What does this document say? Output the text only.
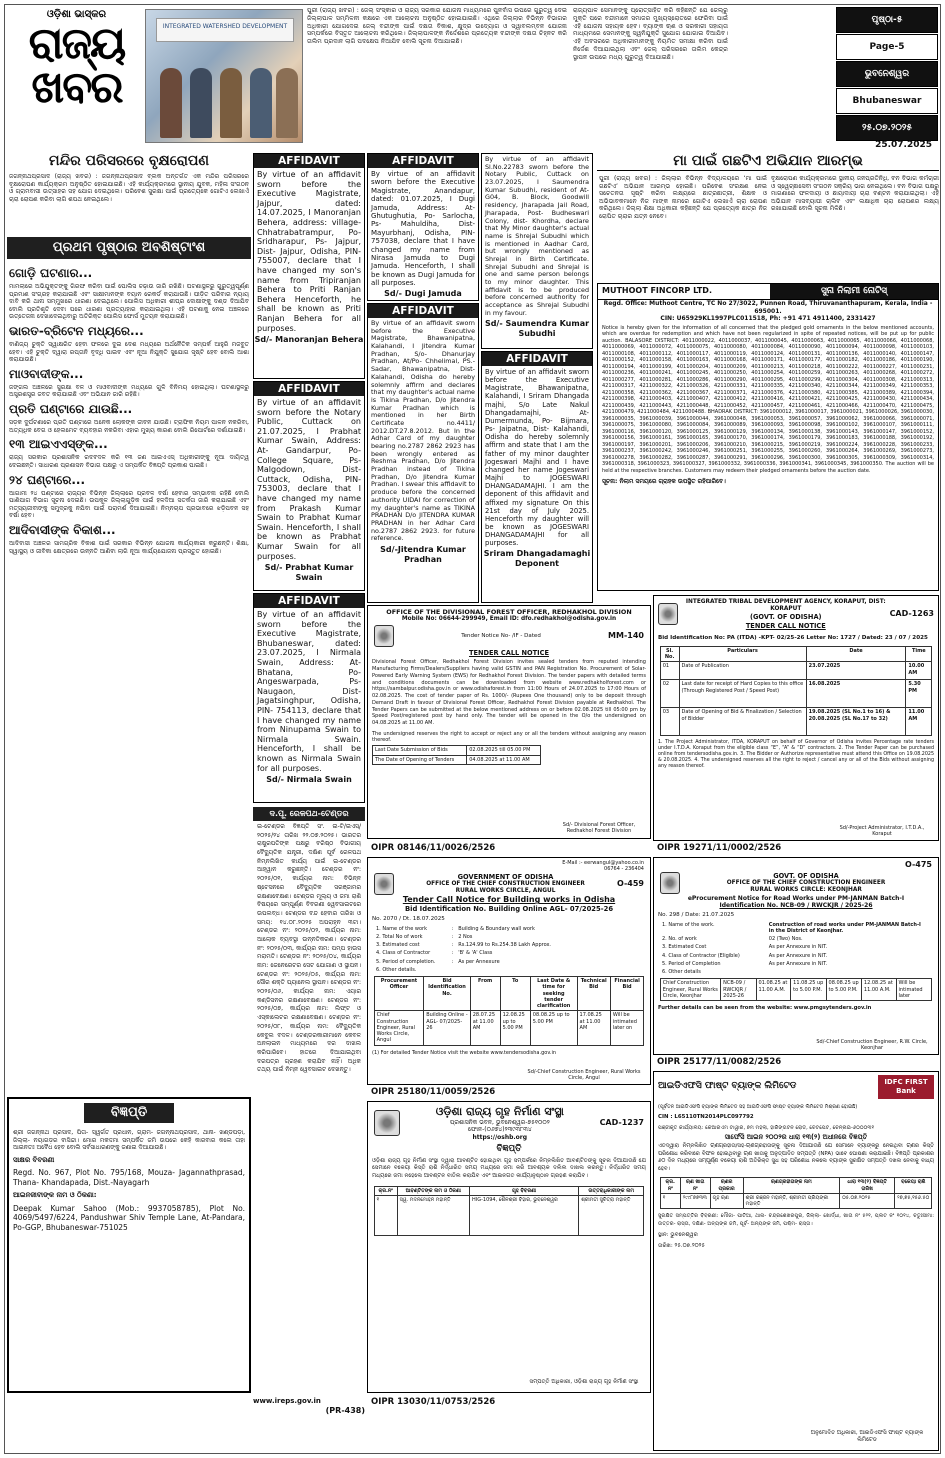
ଓଡ଼ିଶା ଭାସ୍କର
ରାଜ୍ୟ
ଖବର
INTEGRATED WATERSHED DEVELOPMENT
ପୁରୀ (ରାଜ୍ୟ ଖବର) : ଜେଲ୍ ସଂସ୍କାର ଓ ରାଜ୍ୟ ସରକାର ଯୋଜନା ମାଧ୍ୟମରେ ପୁନର୍ବାସ ଉପରେ ଗୁରୁତ୍ୱ ଦେଇ ଜିଲ୍ଲାପାଳ ସମ୍ମିଳନୀ କକ୍ଷରେ ଏକ ଆଲୋଚନା ଅନୁଷ୍ଠିତ ହୋଇଯାଇଛି। ଏଥିରେ ଜିଲ୍ଲାର ବିଭିନ୍ନ ବିଭାଗର ଅଧିକାରୀ ଯୋଗଦେଇ ଜେଲ୍ ବନ୍ଦୀଙ୍କ ପାଇଁ ଦକ୍ଷତା ବିକାଶ, କ୍ଷୁଦ୍ର ଉଦ୍ୟୋଗ ଓ ସ୍ୱାବଲମ୍ବନ ଯୋଜନା ସମ୍ପର୍କରେ ବିସ୍ତୃତ ଆଲୋଚନା କରିଥିଲେ। ଜିଲ୍ଲାପାଳଙ୍କ ନିର୍ଦ୍ଦେଶରେ ପ୍ରତ୍ୟେକ ବନ୍ଦୀଙ୍କ ଦକ୍ଷତା ଚିହ୍ନଟ କରି ତାଲିମ ପ୍ରଦାନ ଲାଗି ପଦକ୍ଷେପ ନିଆଯିବ ବୋଲି ସୂଚନା ଦିଆଯାଇଛି।
ରାଜ୍ୟପାଳ ସେମାନଙ୍କୁ ପ୍ରୋତ୍ସାହିତ କରି କହିଛନ୍ତି ଯେ ଜେଲ୍‌ରୁ ମୁକ୍ତି ପରେ ବନ୍ଦୀମାନେ ସମାଜର ମୁଖ୍ୟସ୍ରୋତରେ ଫେରିବା ପାଇଁ ଏହି ଯୋଜନା ସହାୟକ ହେବ। ବ୍ୟାଙ୍କ ଋଣ ଓ ସରକାରୀ ସହାୟତା ମାଧ୍ୟମରେ ସେମାନଙ୍କୁ ସ୍ୱନିଯୁକ୍ତି ସୁଯୋଗ ଯୋଗାଇ ଦିଆଯିବ। ଏହି ଅବସରରେ ଅଧିକାରୀମାନଙ୍କୁ ନିୟମିତ ସମୀକ୍ଷା କରିବା ପାଇଁ ନିର୍ଦ୍ଦେଶ ଦିଆଯାଇଥିଲା ଏବଂ ଜେଲ୍ ପରିସରରେ ତାଲିମ କେନ୍ଦ୍ର ସ୍ଥାପନ ଉପରେ ମଧ୍ୟ ଗୁରୁତ୍ୱ ଦିଆଯାଇଛି।
ପୃଷ୍ଠା-୫
Page-5
ଭୁବନେଶ୍ୱର
Bhubaneswar
୨୫.୦୭.୨୦୨୫
25.07.2025
ମନ୍ଦିର ପରିସରରେ ବୃକ୍ଷରୋପଣ
ଜଗନ୍ନାଥପ୍ରସାଦ (ରାଜ୍ୟ ଖବର) : ଜଗନ୍ନାଥପ୍ରସାଦ ବ୍ଲକ ଅନ୍ତର୍ଗତ ଏକ ମନ୍ଦିର ପରିସରରେ ବୃକ୍ଷରୋପଣ କାର୍ଯ୍ୟକ୍ରମ ଅନୁଷ୍ଠିତ ହୋଇଯାଇଛି। ଏହି କାର୍ଯ୍ୟକ୍ରମରେ ସ୍ଥାନୀୟ ଯୁବକ, ମହିଳା ସଂଗଠନ ଓ ଗ୍ରାମବାସୀ ଉତ୍ସାହର ସହ ଯୋଗ ଦେଇଥିଲେ। ପରିବେଶ ସୁରକ୍ଷା ପାଇଁ ପ୍ରତ୍ୟେକେ ଗୋଟିଏ ଲେଖାଏଁ ଚାରା ରୋପଣ କରିବା ଲାଗି ଶପଥ ନେଇଥିଲେ।
ପ୍ରଥମ ପୃଷ୍ଠାର ଅବଶିଷ୍ଟାଂଶ
ଗୋଡ଼ି ଘଟଣାର...

ମାମଲାରେ ଅଭିଯୁକ୍ତଙ୍କୁ ଗିରଫ କରିବା ପାଇଁ ପୋଲିସ ଚଢ଼ାଉ ଜାରି ରଖିଛି। ଘଟଣାସ୍ଥଳରୁ ଗୁରୁତ୍ୱପୂର୍ଣ୍ଣ ପ୍ରମାଣ ସଂଗ୍ରହ କରାଯାଇଛି ଏବଂ ସାକ୍ଷୀମାନଙ୍କ ବୟାନ ରେକର୍ଡ କରାଯାଉଛି। ପୀଡ଼ିତ ପରିବାର ନ୍ୟାୟ ଦାବି କରି ଥାନା ସମ୍ମୁଖରେ ଧାରଣା ଦେଇଥିଲେ। ପୋଲିସ ଅଧିକାରୀ ଶୀଘ୍ର ଦୋଷୀଙ୍କୁ ଦଣ୍ଡ ଦିଆଯିବ ବୋଲି ପ୍ରତିଶୃତି ଦେବା ପରେ ଧାରଣା ପ୍ରତ୍ୟାହାର କରାଯାଇଥିଲା। ଏହି ଘଟଣାକୁ ନେଇ ଅଞ୍ଚଳରେ ଉତ୍ତେଜନା ଦେଖାଦେଇଥିବାରୁ ଅତିରିକ୍ତ ପୋଲିସ ଫୋର୍ସ ମୁତୟନ କରାଯାଇଛି।

ଭାରତ-ବ୍ରିଟେନ ମଧ୍ୟରେ...

ବାଣିଜ୍ୟ ଚୁକ୍ତି ସ୍ୱାକ୍ଷରିତ ହେବା ଫଳରେ ଦୁଇ ଦେଶ ମଧ୍ୟରେ ଅର୍ଥନୈତିକ ସମ୍ପର୍କ ଆହୁରି ମଜବୁତ ହେବ। ଏହି ଚୁକ୍ତି ଦ୍ୱାରା ରପ୍ତାନି ବୃଦ୍ଧି ପାଇବ ଏବଂ ନୂଆ ନିଯୁକ୍ତି ସୁଯୋଗ ସୃଷ୍ଟି ହେବ ବୋଲି ଆଶା କରାଯାଉଛି।

ମାଓବାଦୀଙ୍କ...

ଜଙ୍ଗଲ ଅଞ୍ଚଳରେ ସୁରକ୍ଷା ବଳ ଓ ମାଓବାଦୀଙ୍କ ମଧ୍ୟରେ ଗୁଳି ବିନିମୟ ହୋଇଥିଲା। ଘଟଣାସ୍ଥଳରୁ ଅସ୍ତ୍ରଶସ୍ତ୍ର ଜବତ କରାଯାଇଛି ଏବଂ ଅଭିଯାନ ଜାରି ରହିଛି।

ପ୍ରତି ଘଣ୍ଟାରେ ଯାଉଛି...

ସଡ଼କ ଦୁର୍ଘଟଣାରେ ପ୍ରତି ଘଣ୍ଟାରେ ଅନେକ ଲୋକଙ୍କ ଜୀବନ ଯାଉଛି। ଟ୍ରାଫିକ ନିୟମ ପାଳନ ନକରିବା, ଅତ୍ୟଧିକ ବେଗ ଓ ହେଲମେଟ ବ୍ୟବହାର ନକରିବା ଏହାର ମୁଖ୍ୟ କାରଣ ବୋଲି ରିପୋର୍ଟରେ ଦର୍ଶାଯାଇଛି।

୧୩ ଆଇଏଏସ୍‌ଙ୍କ...

ରାଜ୍ୟ ସରକାର ପ୍ରଶାସନିକ ରଦବଦଳ କରି ୧୩ ଜଣ ଆଇଏଏସ୍ ଅଧିକାରୀଙ୍କୁ ନୂଆ ଦାୟିତ୍ୱ ଦେଇଛନ୍ତି। ସାଧାରଣ ପ୍ରଶାସନ ବିଭାଗ ପକ୍ଷରୁ ଏ ସମ୍ପର୍କିତ ବିଜ୍ଞପ୍ତି ପ୍ରକାଶ ପାଇଛି।

୨୪ ଘଣ୍ଟାରେ...

ଆଗାମୀ ୨୪ ଘଣ୍ଟାରେ ରାଜ୍ୟର ବିଭିନ୍ନ ଜିଲ୍ଲାରେ ପ୍ରବଳ ବର୍ଷା ହେବାର ସମ୍ଭାବନା ରହିଛି ବୋଲି ପାଣିପାଗ ବିଭାଗ ସୂଚନା ଦେଇଛି। ଉପକୂଳ ଜିଲ୍ଲାଗୁଡ଼ିକ ପାଇଁ ହଳଦିଆ ସତର୍କତା ଜାରି କରାଯାଇଛି ଏବଂ ମତ୍ସ୍ୟଜୀବୀଙ୍କୁ ସମୁଦ୍ରକୁ ନଯିବା ପାଇଁ ପରାମର୍ଶ ଦିଆଯାଇଛି। ନିମ୍ନଚାପ ପ୍ରଭାବରେ ଝଡ଼ିପବନ ସହ ବର୍ଷା ହେବ।

ଆଦିବାସୀଙ୍କ ବିକାଶ...

ଆଦିବାସୀ ଅଞ୍ଚଳର ସାମଗ୍ରିକ ବିକାଶ ପାଇଁ ସରକାର ବିଭିନ୍ନ ଯୋଜନା କାର୍ଯ୍ୟକାରୀ କରୁଛନ୍ତି। ଶିକ୍ଷା, ସ୍ୱାସ୍ଥ୍ୟ ଓ ଜୀବିକା କ୍ଷେତ୍ରରେ ଉନ୍ନତି ଆଣିବା ଲାଗି ନୂଆ କାର୍ଯ୍ୟଯୋଜନା ପ୍ରସ୍ତୁତ ହୋଇଛି।

ବିଜ୍ଞପ୍ତି
ଶ୍ରୀ ଜଗନ୍ନାଥ ପ୍ରସାଦ, ପିତା- ସ୍ୱର୍ଗତ ପ୍ରଧାନ, ଗ୍ରାମ- ଜଗନ୍ନାଥପ୍ରସାଦ, ଥାନା- ଖଣ୍ଡପଡ଼ା, ଜିଲ୍ଲା- ନୟାଗଡ଼ର ବାସିନ୍ଦା। ମୋର ମକଦ୍ଦମା ସମ୍ପର୍କିତ ଜମି ଉପରେ କେହି କାରବାର କଲେ ତାହା ଆଇନତଃ ଅବୈଧ ହେବ ବୋଲି ସର୍ବସାଧାରଣଙ୍କୁ ଜଣାଇ ଦିଆଯାଉଛି।
ସାକ୍ଷର ବିବରଣୀ
Regd. No. 967, Plot No. 795/168, Mouza- Jagannathprasad, Thana- Khandapada, Dist.-Nayagarh
ଆଇନଜୀବୀଙ୍କ ନାମ ଓ ଠିକଣା:
Deepak Kumar Sahoo (Mob.: 9937058785), Plot No. 4069/5497/6224, Pandushwar Shiv Temple Lane, At-Pandara, Po-GGP, Bhubaneswar-751025
AFFIDAVIT
By virtue of an affidavit sworn before the Executive Magistrate, Jajpur, dated: 14.07.2025, I Manoranjan Behera, address: village- Chhatrabatrampur, Po- Sridharapur, Ps- Jajpur, Dist- Jajpur, Odisha, PIN- 755007, declare that I have changed my son's name from Tripiranjan Behera to Priti Ranjan Behera Henceforth, he shall be known as Priti Ranjan Behera for all purposes.
Sd/- Manoranjan Behera
AFFIDAVIT
By virtue of an affidavit sworn before the Notary Public, Cuttack on 21.07.2025, I Prabhat Kumar Swain, Address: At- Gandarpur, Po- College Square, Ps- Malgodown, Dist- Cuttack, Odisha, PIN-753003, declare that I have changed my name from Prakash Kumar Swain to Prabhat Kumar Swain. Henceforth, I shall be known as Prabhat Kumar Swain for all purposes.
Sd/- Prabhat Kumar Swain
AFFIDAVIT
By virtue of an affidavit sworn before the Executive Magistrate, Bhubaneswar, dated: 23.07.2025, I Nirmala Swain, Address: At- Bhatana, Po- Angeswarpada, Ps- Naugaon, Dist- Jagatsinghpur, Odisha, PIN- 754113, declare that I have changed my name from Ninupama Swain to Nirmala Swain. Henceforth, I shall be known as Nirmala Swain for all purposes.
Sd/- Nirmala Swain
AFFIDAVIT
By virtue of an affidavit sworn before the Executive Magistrate, Anandapur, dated: 01.07.2025, I Dugi Jamuda, Address: At- Ghutughutia, Po- Sarlocha, Ps- Mahuldiha, Dist- Mayurbhanj, Odisha, PIN- 757038, declare that I have changed my name from Nirasa Jamuda to Dugi Jamuda. Henceforth, I shall be known as Dugi Jamuda for all purposes.
Sd/- Dugi Jamuda
AFFIDAVIT
By virtue of an affidavit sworn before the Executive Magistrate, Bhawanipatna, Kalahandi, I Jitendra Kumar Pradhan, S/o- Dhanurjay Pradhan, At/Po- Chhelimal, PS.-Sadar, Bhawanipatna, Dist-Kalahandi, Odisha do hereby solemnly affirm and declares that my daughter's actual name is Tikina Pradhan, D/o Jitendra Kumar Pradhan which is mentioned in her Birth Certificate no.4411/ 2012.DT.27.8.2012. But In the Adhar Card of my daughter bearing no.2787 2862 2923 has been wrongly entered as Reshma Pradhan, D/o Jitendra Pradhan instead of Tikina Pradhan, D/o Jitendra Kumar Pradhan. I swear this affidavit to produce before the concerned authority UIDAI for correction of my daughter's name as TIKINA PRADHAN D/o JITENDRA KUMAR PRADHAN in her Adhar Card no.2787 2862 2923. for future reference.
Sd/-Jitendra Kumar Pradhan
By virtue of an affidavit Sl.No.22783 sworn before the Notary Public, Cuttack on 23.07.2025, I Saumendra Kumar Subudhi, resident of At- G04, B. Block, Goodwill residency, Jharapada Jail Road, Jharapada, Post- Budheswari Colony, dist- Khordha, declare that My Minor daughter's actual name is Shrejal Subudhi which is mentioned in Aadhar Card, but wrongly mentioned as Shrejal in Birth Certificate. Shrejal Subudhi and Shrejal is one and same person belongs to my minor daughter. This affidavit is to be produced before concerned authority for acceptance as Shrejal Subudhi in my favour.
Sd/- Saumendra Kumar Subudhi
AFFIDAVIT
By virtue of an affidavit sworn before the Executive Magistrate, Bhawanipatna, Kalahandi, I Sriram Dhangada majhi, S/o Late Nakul Dhangadamajhi, At- Dumermunda, Po- Bijmara, Ps- Jaipatna, Dist- Kalahandi, Odisha do hereby solemnly affirm and state that I am the father of my minor daughter Jogeswari Majhi and I have changed her name Jogeswari Majhi to JOGESWARI DHANGADAMAJHI. I am the deponent of this affidavit and affixed my signature On this 21st day of July 2025. Henceforth my daughter will be known as JOGESWARI DHANGADAMAJHI for all purposes.
Sriram Dhangadamaghi Deponent
ମା ପାଇଁ ଗଛଟିଏ ଅଭିଯାନ ଆରମ୍ଭ
ପୁରୀ (ରାଜ୍ୟ ଖବର) : ଜିଲ୍ଲାର ବିଭିନ୍ନ ବିଦ୍ୟାଳୟରେ ‘ମା ପାଇଁ ଗଛଟିଏ’ ଅଭିଯାନ ଆରମ୍ଭ ହୋଇଛି। ପରିବେଶ ସଂରକ୍ଷଣ ନେଇ ସଚେତନତା ସୃଷ୍ଟି କରିବା ଲକ୍ଷ୍ୟରେ ଛାତ୍ରଛାତ୍ରୀ, ଶିକ୍ଷକ ଓ ଅଭିଭାବକମାନେ ନିଜ ମାଙ୍କ ନାମରେ ଗୋଟିଏ ଲେଖାଏଁ ଚାରା ରୋପଣ କରିଥିଲେ। ଜିଲ୍ଲା ଶିକ୍ଷା ଅଧିକାରୀ କହିଛନ୍ତି ଯେ ପ୍ରତ୍ୟେକ ଛାତ୍ର ନିଜ ରୋପିତ ଚାରାର ଯତ୍ନ ନେବେ।
ବୃକ୍ଷରୋପଣ କାର୍ଯ୍ୟକ୍ରମରେ ସ୍ଥାନୀୟ ଜନପ୍ରତିନିଧି, ବନ ବିଭାଗ କର୍ମଚାରୀ ଓ ସ୍ୱେଚ୍ଛାସେବୀ ସଂଗଠନ ସକ୍ରିୟ ଭାଗ ନେଇଥିଲେ। ବନ ବିଭାଗ ପକ୍ଷରୁ ମାଗଣାରେ ଫଳଦାୟୀ ଓ ଛାୟାଦାୟୀ ଚାରା ବଣ୍ଟନ କରାଯାଇଥିଲା। ଏହି ଅଭିଯାନ ମାସବ୍ୟାପୀ ଚାଲିବ ଏବଂ ଲକ୍ଷାଧିକ ଚାରା ରୋପଣର ଲକ୍ଷ୍ୟ ରଖାଯାଇଛି ବୋଲି ସୂଚନା ମିଳିଛି।
MUTHOOT FINCORP LTD.	ସୁନା ନିଲାମୀ ନୋଟିସ୍
Regd. Office: Muthoot Centre, TC No 27/3022, Punnen Road, Thiruvananthapuram, Kerala, India - 695001.
CIN: U65929KL1997PLC011518, Ph: +91 471 4911400, 2331427
Notice is hereby given for the information of all concerned that the pledged gold ornaments in the below mentioned accounts, which are overdue for redemption and which have not been regularized in spite of repeated notices, will be put up for public auction. BALASORE DISTRICT: 4011000022, 4011000037, 4011000045, 4011000063, 4011000065, 4011000066, 4011000068, 4011000069, 4011000072, 4011000075, 4011000080, 4011000084, 4011000090, 4011000094, 4011000098, 4011000103, 4011000108, 4011000112, 4011000117, 4011000119, 4011000124, 4011000131, 4011000136, 4011000140, 4011000147, 4011000152, 4011000158, 4011000163, 4011000168, 4011000171, 4011000177, 4011000182, 4011000186, 4011000190, 4011000194, 4011000199, 4011000204, 4011000209, 4011000213, 4011000218, 4011000222, 4011000227, 4011000231, 4011000236, 4011000241, 4011000245, 4011000250, 4011000254, 4011000259, 4011000263, 4011000268, 4011000272, 4011000277, 4011000281, 4011000286, 4011000290, 4011000295, 4011000299, 4011000304, 4011000308, 4211000313, 4211000317, 4211000322, 4211000326, 4211000331, 4211000335, 4211000340, 4211000344, 4211000349, 4211000353, 4211000358, 4211000362, 4211000367, 4211000371, 4211000376, 4211000380, 4211000385, 4211000389, 4211000394, 4211000398, 4211000403, 4211000407, 4211000412, 4211000416, 4211000421, 4211000425, 4211000430, 4211000434, 4211000439, 4211000443, 4211000448, 4211000452, 4211000457, 4211000461, 4211000466, 4211000470, 4211000475, 4211000479, 4211000484, 4211000488. BHADRAK DISTRICT: 3961000012, 3961000017, 3961000021, 3961000026, 3961000030, 3961000035, 3961000039, 3961000044, 3961000048, 3961000053, 3961000057, 3961000062, 3961000066, 3961000071, 3961000075, 3961000080, 3961000084, 3961000089, 3961000093, 3961000098, 3961000102, 3961000107, 3961000111, 3961000116, 3961000120, 3961000125, 3961000129, 3961000134, 3961000138, 3961000143, 3961000147, 3961000152, 3961000156, 3961000161, 3961000165, 3961000170, 3961000174, 3961000179, 3961000183, 3961000188, 3961000192, 3961000197, 3961000201, 3961000206, 3961000210, 3961000215, 3961000219, 3961000224, 3961000228, 3961000233, 3961000237, 3961000242, 3961000246, 3961000251, 3961000255, 3961000260, 3961000264, 3961000269, 3961000273, 3961000278, 3961000282, 3961000287, 3961000291, 3961000296, 3961000300, 3961000305, 3961000309, 3961000314, 3961000318, 3961000323, 3961000327, 3961000332, 3961000336, 3961000341, 3961000345, 3961000350. The auction will be held at the respective branches. Customers may redeem their pledged ornaments before the auction date.
ସୂଚନା: ନିଲାମ ସମୟରେ ଗ୍ରାହକ ଉପସ୍ଥିତ ରହିପାରିବେ।
ଦ.ପୂ. ରେଳପଥ-ଟେଣ୍ଡର
ଇ-ଟେଣ୍ଡର ବିଜ୍ଞପ୍ତି ସଂ. ଇ-ଟି/ଇଏସ୍/୨୦୨୫/୨୪ ତାରିଖ ୨୨.୦୭.୨୦୨୫। ଭାରତର ରାଷ୍ଟ୍ରପତିଙ୍କ ପକ୍ଷରୁ ବରିଷ୍ଠ ବିଭାଗୀୟ ବୈଦ୍ୟୁତିକ ଯନ୍ତ୍ରୀ, ଦକ୍ଷିଣ ପୂର୍ବ ରେଳପଥ ନିମ୍ନଲିଖିତ କାର୍ଯ୍ୟ ପାଇଁ ଇ-ଟେଣ୍ଡର ଆହ୍ୱାନ କରୁଛନ୍ତି। ଟେଣ୍ଡର ନଂ: ୨୦୨୫/୦୧, କାର୍ଯ୍ୟର ନାମ: ବିଭିନ୍ନ ଷ୍ଟେସନରେ ବୈଦ୍ୟୁତିକ ସରଞ୍ଜାମର ରକ୍ଷଣାବେକ୍ଷଣ। ଟେଣ୍ଡର ମୂଲ୍ୟ ଓ ଜମା ରାଶି ବିଷୟରେ ସମ୍ପୂର୍ଣ୍ଣ ବିବରଣୀ ୱେବସାଇଟରେ ଉପଲବ୍ଧ। ଟେଣ୍ଡର ବନ୍ଦ ହେବାର ତାରିଖ ଓ ସମୟ: ୧୪.୦୮.୨୦୨୫ ଅପରାହ୍ନ ୩ଟା। ଟେଣ୍ଡର ନଂ: ୨୦୨୫/୦୨, କାର୍ଯ୍ୟର ନାମ: ଆଲୋକ ବ୍ୟବସ୍ଥା ଉନ୍ନତିକରଣ। ଟେଣ୍ଡର ନଂ: ୨୦୨୫/୦୩, କାର୍ଯ୍ୟର ନାମ: ପମ୍ପ ହାଉସ ମରାମତି। ଟେଣ୍ଡର ନଂ: ୨୦୨୫/୦୪, କାର୍ଯ୍ୟର ନାମ: ଜେନେରେଟର ସେଟ ଯୋଗାଣ ଓ ସ୍ଥାପନ। ଟେଣ୍ଡର ନଂ: ୨୦୨୫/୦୫, କାର୍ଯ୍ୟର ନାମ: ସୌର ଶକ୍ତି ପ୍ୟାନେଲ ସ୍ଥାପନ। ଟେଣ୍ଡର ନଂ: ୨୦୨୫/୦୬, କାର୍ଯ୍ୟର ନାମ: ଏୟାର କଣ୍ଡିସନର ରକ୍ଷଣାବେକ୍ଷଣ। ଟେଣ୍ଡର ନଂ: ୨୦୨୫/୦୭, କାର୍ଯ୍ୟର ନାମ: ଲିଫ୍ଟ ଓ ଏସ୍କାଲେଟର ରକ୍ଷଣାବେକ୍ଷଣ। ଟେଣ୍ଡର ନଂ: ୨୦୨୫/୦୮, କାର୍ଯ୍ୟର ନାମ: ବୈଦ୍ୟୁତିକ କେବୁଲ ବଦଳ। ଟେଣ୍ଡରକାରୀମାନେ କେବଳ ଅନଲାଇନ ମାଧ୍ୟମରେ ଦର ଦାଖଲ କରିପାରିବେ। ହାତରେ ଦିଆଯାଇଥିବା ଦରପତ୍ର ଗ୍ରହଣ କରାଯିବ ନାହିଁ। ଅଧିକ ତଥ୍ୟ ପାଇଁ ନିମ୍ନ ୱେବସାଇଟ ଦେଖନ୍ତୁ।
www.ireps.gov.in
(PR-438)
OFFICE OF THE DIVISIONAL FOREST OFFICER, REDHAKHOL DIVISION
Mobile No: 06644-299949, Email ID: dfo.redhakhol@odisha.gov.in
Tender Notice No- /IF - Dated	MM-140
TENDER CALL NOTICE
Divisional Forest Officer, Redhakhol Forest Division invites sealed tenders from reputed intending Manufacturing Firms/Dealers/Suppliers having valid GSTIN and PAN Registration No. Procurement of Solar- Powered Early Warning System (EWS) for Redhakhol Forest Division. The tender papers with detailed terms and conditions documents can be downloaded from website www.redhakholforest.com or https://sambalpur.odisha.gov.in or www.odishaforest.in from 11:00 Hours of 24.07.2025 to 17:00 Hours of 02.08.2025. The cost of tender paper of Rs. 1000/- (Rupees One thousand) only to be deposit through Demand Draft in favour of Divisional Forest Officer, Redhakhol Forest Division payable at Redhakhol. The Tender Papers can be submitted at the below mentioned address on or before 02.08.2025 till 05:00 pm by Speed Post/registered post by hand only. The tender will be opened in the O/o the undersigned on 04.08.2025 at 11.00 AM.
The undersigned reserves the right to accept or reject any or all the tenders without assigning any reason thereof.
Last Date Submission of Bids	02.08.2025 till 05.00 PM
The Date of Opening of Tenders	04.08.2025 at 11.00 AM
Sd/- Divisional Forest Officer, Redhakhol Forest Division
OIPR 08146/11/0026/2526
INTEGRATED TRIBAL DEVELOPMENT AGENCY, KORAPUT, DIST: KORAPUT
(GOVT. OF ODISHA)
TENDER CALL NOTICE
CAD-1263
Bid Identification No: PA (ITDA) -KPT- 02/25-26 Letter No: 1727 / Dated: 23 / 07 / 2025
Sl. No.	Particulars	Date	Time
01	Date of Publication	23.07.2025	10.00 AM
02	Last date for receipt of Hard Copies to this office (Through Registered Post / Speed Post)	16.08.2025	5.30 PM
03	Date of Opening of Bid & Finalization / Selection of Bidder	19.08.2025 (SL No.1 to 16) & 20.08.2025 (SL No.17 to 32)	11.00 AM
1. The Project Administrator, ITDA, KORAPUT on behalf of Governor of Odisha invites Percentage rate tenders under I.T.D.A. Koraput from the eligible class “E”, “A” & “D” contractors. 2. The Tender Paper can be purchased online from tendersodisha.gov.in. 3. The Bidder or Authorize representative must attend this Office on 19.08.2025 & 20.08.2025. 4. The undersigned reserves all the right to reject / cancel any or all of the Bids without assigning any reason thereof.
Sd/-Project Administrator, I.T.D.A., Koraput
OIPR 19271/11/0002/2526
E-Mail :- eerwangul@yahoo.co.in
06764 - 236404
GOVERNMENT OF ODISHA
OFFICE OF THE CHIEF CONSTRUCTION ENGINEER
RURAL WORKS CIRCLE, ANGUL
O-459
Tender Call Notice for Building works in Odisha
Bid Identification No. Building Online AGL- 07/2025-26
No. 2070 / Dt. 18.07.2025
1. Name of the work	:	Building & Boundary wall work
2. Total No of work	:	2 Nos
3. Estimated cost	:	Rs.124.99 to Rs.254.38 Lakh Approx.
4. Class of Contractor	:	'B' & 'A' Class
5. Period of completion.	:	As per Annexure
6. Other details.		
Procurement Officer	Bid Identification No.	From	To	Last Date & time for seeking tender clarification	Technical Bid	Financial Bid
Chief Construction Engineer, Rural Works Circle, Angul	Building Online - AGL- 07/2025-26	28.07.25 at 11.00 AM	12.08.25 up to 5.00 PM	08.08.25 up to 5.00 PM	17.08.25 at 11.00 AM	Will be intimated later on
(1) For detailed Tender Notice visit the website www.tendersodisha.gov.in
Sd/-Chief Construction Engineer, Rural Works Circle, Angul
OIPR 25180/11/0059/2526
ଓଡ଼ିଶା ରାଜ୍ୟ ଗୃହ ନିର୍ମାଣ ସଂସ୍ଥା
ପ୍ରଶାସନିକ ଭବନ, ଭୁବନେଶ୍ୱର-୭୫୧୦୦୨
ଫୋନ-(୦୬୭୪)୨୩୯୩୮୩୪
https://oshb.org
CAD-1237
ବିଜ୍ଞପ୍ତି
ଓଡ଼ିଶା ରାଜ୍ୟ ଗୃହ ନିର୍ମାଣ ସଂସ୍ଥା ଦ୍ୱାରା ଆବଣ୍ଟିତ ହୋଇଥିବା ଗୃହ ସମ୍ପର୍କରେ ନିମ୍ନଲିଖିତ ଆବଣ୍ଟିତଙ୍କୁ ସୂଚନା ଦିଆଯାଉଛି ଯେ ସେମାନେ ବକେୟା କିସ୍ତି ରାଶି ନିର୍ଦ୍ଧାରିତ ସମୟ ମଧ୍ୟରେ ଜମା କରି ଆବଶ୍ୟକ ଦଲିଲ ଦାଖଲ କରନ୍ତୁ। ନିର୍ଦ୍ଧାରିତ ସମୟ ମଧ୍ୟରେ ଜମା ନହେଲେ ଆବଣ୍ଟନ ବାତିଲ କରାଯିବ ଏବଂ ଆଇନଗତ କାର୍ଯ୍ୟାନୁଷ୍ଠାନ ଗ୍ରହଣ କରାଯିବ।
କ୍ର.ନଂ	ଆବଣ୍ଟିତଙ୍କ ନାମ ଓ ଠିକଣା	ଗୃହ ବିବରଣୀ	ଉତ୍ତରାଧିକାରୀଙ୍କ ନାମ
୧	ସ୍ୱ. ମଦନମୋହନ ମହାନ୍ତି	HIG-1094, ଶୈଳଶ୍ରୀ ବିହାର, ଭୁବନେଶ୍ୱର	ଶ୍ରୀମତୀ ସୁଚିତ୍ରା ମହାନ୍ତି
ସମ୍ପତ୍ତି ଅଧିକାରୀ, ଓଡ଼ିଶା ରାଜ୍ୟ ଗୃହ ନିର୍ମାଣ ସଂସ୍ଥା
OIPR 13030/11/0753/2526
O-475
GOVT. OF ODISHA
OFFICE OF THE CHIEF CONSTRUCTION ENGINEER
RURAL WORKS CIRCLE: KEONJHAR
eProcurement Notice for Road Works under PM-JANMAN Batch-I
Identification No. NCB-09 / RWCKJR / 2025-26
No. 298 / Date: 21.07.2025
1. Name of the work.	Construction of road works under PM-JANMAN Batch-I in the District of Keonjhar.
2. No. of work	02 (Two) Nos.
3. Estimated Cost	As per Annexure in NIT.
4. Class of Contractor (Eligible)	As per Annexure in NIT.
5. Period of Completion	As per Annexure in NIT.
6. Other details	
Chief Construction Engineer, Rural Works Circle, Keonjhar	NCB-09 / RWCKJR / 2025-26	01.08.25 at 11.00 A.M.	11.08.25 up to 5.00 P.M.	08.08.25 up to 5.00 P.M.	12.08.25 at 11.00 A.M.	Will be intimated later
Further details can be seen from the website: www.pmgsytenders.gov.in
Sd/-Chief Construction Engineer, R.W. Circle, Keonjhar
OIPR 25177/11/0082/2526
ଆଇଡିଏଫସି ଫାଷ୍ଟ ବ୍ୟାଙ୍କ ଲିମିଟେଡ	IDFC FIRST Bank
(ପୂର୍ବତନ ଆଇଡିଏଫସି ବ୍ୟାଙ୍କ ଲିମିଟେଡ ସହ ଆଇଡିଏଫସି ଫାଷ୍ଟ ବ୍ୟାଙ୍କ ଲିମିଟେଡ ମିଶ୍ରଣ ହୋଇଛି)
CIN : L65110TN2014PLC097792
ପଞ୍ଜୀକୃତ କାର୍ଯ୍ୟାଳୟ: କେଆରଏମ ଟାୱାର, ୭ମ ମହଲା, ହାରିଙ୍ଗଟନ ରୋଡ, ଚେଟପେଟ, ଚେନ୍ନାଇ-୬୦୦୦୩୧
ସାର୍ଫେସି ଆଇନ ୨୦୦୨ର ଧାରା ୧୩(୨) ଅଧୀନରେ ବିଜ୍ଞପ୍ତି
ଏତଦ୍ୱାରା ନିମ୍ନଲିଖିତ ଋଣଗ୍ରହୀତା/ସହ-ଋଣଗ୍ରହୀତାଙ୍କୁ ସୂଚନା ଦିଆଯାଉଛି ଯେ ସେମାନେ ବ୍ୟାଙ୍କରୁ ନେଇଥିବା ଋଣର କିସ୍ତି ପରିଶୋଧ କରିବାରେ ବିଫଳ ହୋଇଥିବାରୁ ଋଣ ଖାତାକୁ ଅନୁତ୍ପାଦିତ ସମ୍ପତ୍ତି (NPA) ଭାବେ ଘୋଷଣା କରାଯାଇଛି। ବିଜ୍ଞପ୍ତି ପ୍ରକାଶର ୬୦ ଦିନ ମଧ୍ୟରେ ସମ୍ପୂର୍ଣ୍ଣ ବକେୟା ରାଶି ଅତିରିକ୍ତ ସୁଧ ସହ ପରିଶୋଧ ନକଲେ ବ୍ୟାଙ୍କ ସୁରକ୍ଷିତ ସମ୍ପତ୍ତି ଦଖଲ ନେବାକୁ ବାଧ୍ୟ ହେବ।
କ୍ର. ନଂ	ଋଣ ଖାତା ନଂ	ଋଣର ପ୍ରକାର	ଋଣଗ୍ରହୀତାଙ୍କ ନାମ	ଧାରା ୧୩(୨) ବିଜ୍ଞପ୍ତି ତାରିଖ	ବକେୟା ରାଶି
୧	୨୯୯୮୭୭୩୩	ଗୃହ ଋଣ	ଶ୍ରୀ ରଞ୍ଜନ ମହାନ୍ତି, ଶ୍ରୀମତୀ ପ୍ରିୟଙ୍କା ମହାନ୍ତି	୦୫.୦୭.୨୦୨୫	୨୭,୭୫,୧୫୬.୫୦
ସୁରକ୍ଷିତ ସମ୍ପତ୍ତିର ବିବରଣୀ: ମୌଜା- ପାଟିଆ, ଥାନା- ଚନ୍ଦ୍ରଶେଖରପୁର, ଜିଲ୍ଲା- ଖୋର୍ଦ୍ଧା, ଖାତା ନଂ ୫୨୧, ପ୍ଲଟ ନଂ ୧୦୧୪, ଚତୁଃସୀମା: ଉତ୍ତର- ରାସ୍ତା, ଦକ୍ଷିଣ- ଅନ୍ୟଙ୍କ ଜମି, ପୂର୍ବ- ଅନ୍ୟଙ୍କ ଜମି, ପଶ୍ଚିମ- ରାସ୍ତା।
ସ୍ଥାନ: ଭୁବନେଶ୍ୱର
ତାରିଖ: ୨୫.୦୭.୨୦୨୫
ଅନୁମୋଦିତ ଅଧିକାରୀ, ଆଇଡିଏଫସି ଫାଷ୍ଟ ବ୍ୟାଙ୍କ ଲିମିଟେଡ
